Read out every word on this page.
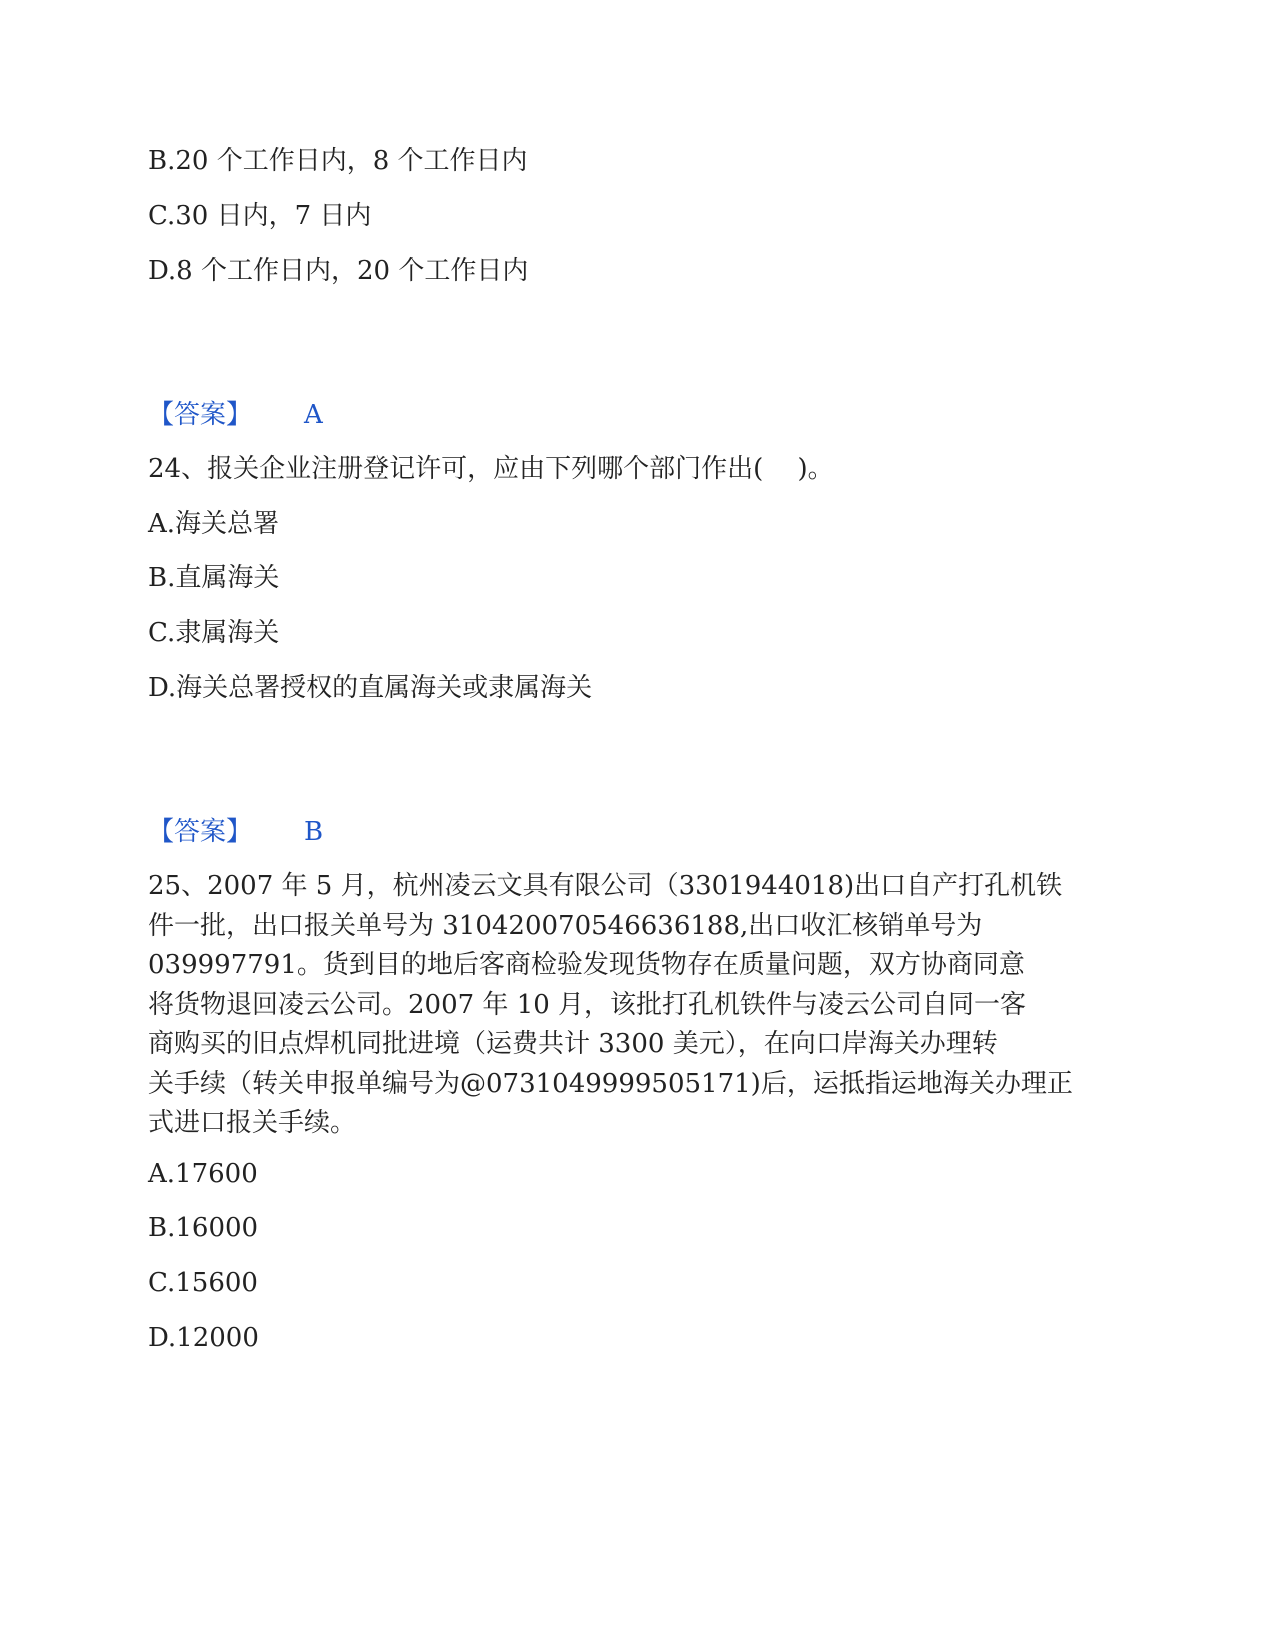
B.20 个工作日内，8 个工作日内
C.30 日内，7 日内
D.8 个工作日内，20 个工作日内
【答案】 A
24、报关企业注册登记许可，应由下列哪个部门作出(　 )。
A.海关总署
B.直属海关
C.隶属海关
D.海关总署授权的直属海关或隶属海关
【答案】 B
25、2007 年 5 月，杭州凌云文具有限公司（3301944018)出口自产打孔机铁
件一批，出口报关单号为 310420070546636188,出口收汇核销单号为
039997791。货到目的地后客商检验发现货物存在质量问题，双方协商同意
将货物退回凌云公司。2007 年 10 月，该批打孔机铁件与凌云公司自同一客
商购买的旧点焊机同批进境（运费共计 3300 美元），在向口岸海关办理转
关手续（转关申报单编号为@07310499995051​71)后，运抵指运地海关办理正
式进口报关手续。
A.17600
B.16000
C.15600
D.12000
